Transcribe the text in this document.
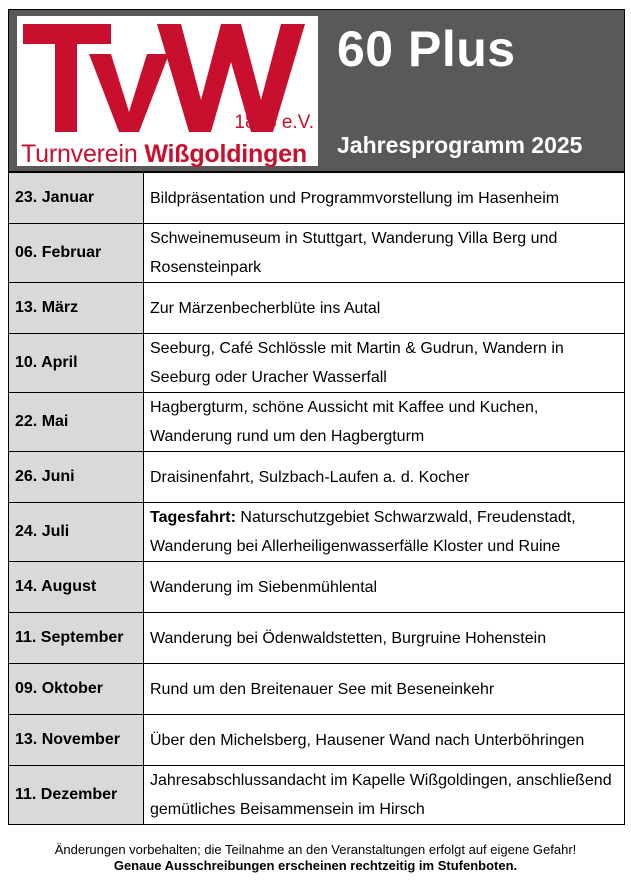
1896 e.V.
Turnverein Wißgoldingen
60 Plus
Jahresprogramm 2025
23. Januar	Bildpräsentation und Programmvorstellung im Hasenheim
06. Februar	Schweinemuseum in Stuttgart, Wanderung Villa Berg und Rosensteinpark
13. März	Zur Märzenbecherblüte ins Autal
10. April	Seeburg, Café Schlössle mit Martin & Gudrun, Wandern in Seeburg oder Uracher Wasserfall
22. Mai	Hagbergturm, schöne Aussicht mit Kaffee und Kuchen, Wanderung rund um den Hagbergturm
26. Juni	Draisinenfahrt, Sulzbach-Laufen a. d. Kocher
24. Juli	Tagesfahrt: Naturschutzgebiet Schwarzwald, Freudenstadt, Wanderung bei Allerheiligenwasserfälle Kloster und Ruine
14. August	Wanderung im Siebenmühlental
11. September	Wanderung bei Ödenwaldstetten, Burgruine Hohenstein
09. Oktober	Rund um den Breitenauer See mit Beseneinkehr
13. November	Über den Michelsberg, Hausener Wand nach Unterböhringen
11. Dezember	Jahresabschlussandacht im Kapelle Wißgoldingen, anschließend gemütliches Beisammensein im Hirsch
Änderungen vorbehalten; die Teilnahme an den Veranstaltungen erfolgt auf eigene Gefahr!
Genaue Ausschreibungen erscheinen rechtzeitig im Stufenboten.
